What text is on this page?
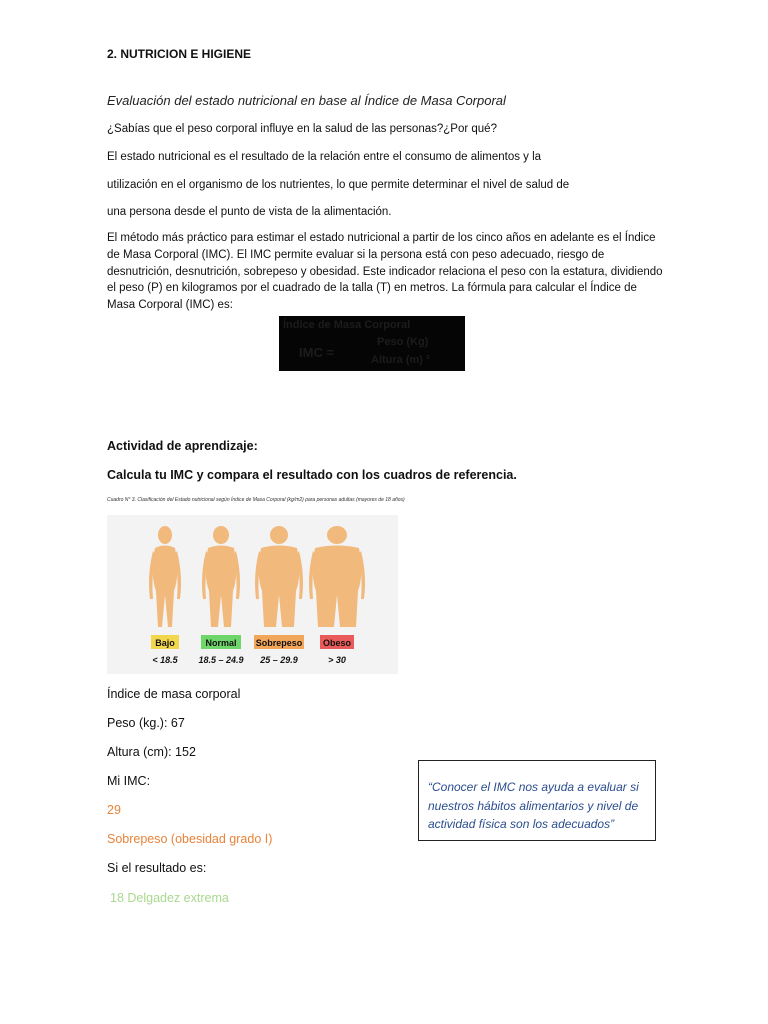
2. NUTRICION E HIGIENE

Evaluación del estado nutricional en base al Índice de Masa Corporal

¿Sabías que el peso corporal influye en la salud de las personas?¿Por qué?

El estado nutricional es el resultado de la relación entre el consumo de alimentos y la

utilización en el organismo de los nutrientes, lo que permite determinar el nivel de salud de

una persona desde el punto de vista de la alimentación.

El método más práctico para estimar el estado nutricional a partir de los cinco años en adelante es el Índice de Masa Corporal (IMC). El IMC permite evaluar si la persona está con peso adecuado, riesgo de desnutrición, desnutrición, sobrepeso y obesidad. Este indicador relaciona el peso con la estatura, dividiendo el peso (P) en kilogramos por el cuadrado de la talla (T) en metros. La fórmula para calcular el Índice de Masa Corporal (IMC) es:

Índice de Masa Corporal
IMC =
Peso (Kg)
Altura (m) ²

Actividad de aprendizaje:

Calcula tu IMC y compara el resultado con los cuadros de referencia.

Cuadro N° 3. Clasificación del Estado nutricional según Índice de Masa Corporal (kg/m2) para personas adultas (mayores de 18 años)

Bajo
< 18.5
Normal
18.5 – 24.9
Sobrepeso
25 – 29.9
Obeso
> 30

Índice de masa corporal

Peso (kg.): 67

Altura (cm): 152

Mi IMC:

29

Sobrepeso (obesidad grado I)

Si el resultado es:

18 Delgadez extrema

“Conocer el IMC nos ayuda a evaluar si nuestros hábitos alimentarios y nivel de actividad física son los adecuados”
